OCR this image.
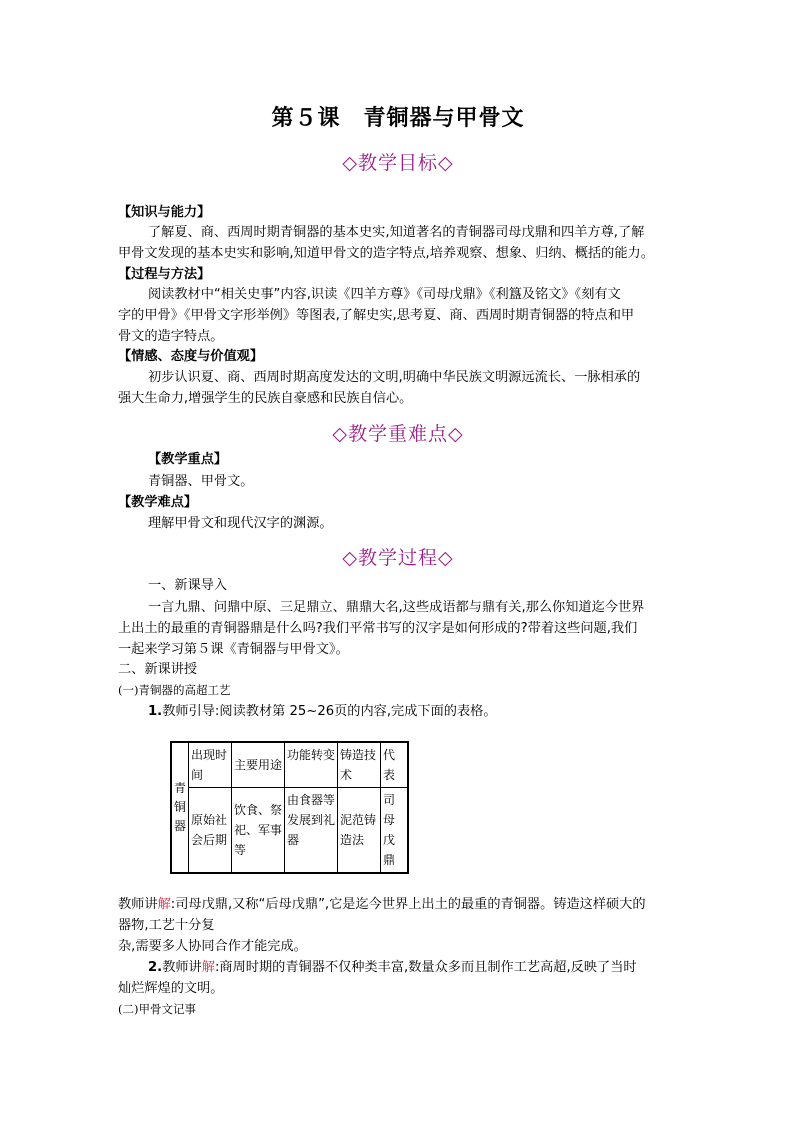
第５课　青铜器与甲骨文
◇教学目标◇
【知识与能力】
了解夏、商、西周时期青铜器的基本史实,知道著名的青铜器司母戊鼎和四羊方尊,了解
甲骨文发现的基本史实和影响,知道甲骨文的造字特点,培养观察、想象、归纳、概括的能力。
【过程与方法】
阅读教材中“相关史事”内容,识读《四羊方尊》《司母戊鼎》《利簋及铭文》《刻有文
字的甲骨》《甲骨文字形举例》等图表,了解史实,思考夏、商、西周时期青铜器的特点和甲
骨文的造字特点。
【情感、态度与价值观】
初步认识夏、商、西周时期高度发达的文明,明确中华民族文明源远流长、一脉相承的
强大生命力,增强学生的民族自豪感和民族自信心。
◇教学重难点◇
【教学重点】
青铜器、甲骨文。
【教学难点】
理解甲骨文和现代汉字的渊源。
◇教学过程◇
一、新课导入
一言九鼎、问鼎中原、三足鼎立、鼎鼎大名,这些成语都与鼎有关,那么你知道迄今世界
上出土的最重的青铜器鼎是什么吗?我们平常书写的汉字是如何形成的?带着这些问题,我们
一起来学习第５课《青铜器与甲骨文》。
二、新课讲授
(一)青铜器的高超工艺
1.教师引导:阅读教材第 25~26页的内容,完成下面的表格。
青铜器	出现时间	主要用途	功能转变	铸造技术	代表
	原始社会后期	饮食、祭祀、军事等	由食器等发展到礼器	泥范铸造法	司母戊鼎
教师讲解:司母戊鼎,又称“后母戊鼎”,它是迄今世界上出土的最重的青铜器。铸造这样硕大的
器物,工艺十分复
杂,需要多人协同合作才能完成。
2.教师讲解:商周时期的青铜器不仅种类丰富,数量众多而且制作工艺高超,反映了当时
灿烂辉煌的文明。
(二)甲骨文记事
